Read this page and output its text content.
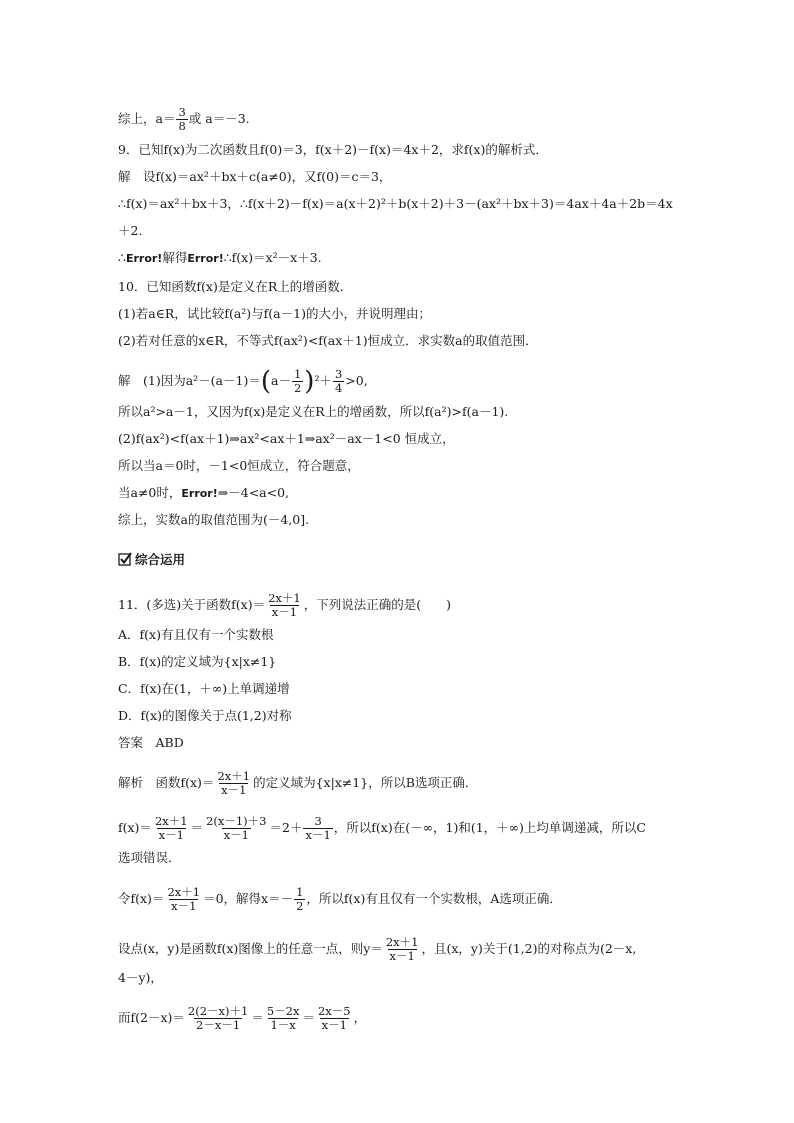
综上，$a= \frac{3}{8}$ 或 a＝－3.
9．已知f(x)为二次函数且f(0)＝3，f(x＋2)－f(x)＝4x＋2，求f(x)的解析式．
解　设f(x)＝ax²＋bx＋c(a≠0)，又f(0)＝c＝3，
∴f(x)＝ax²＋bx＋3，∴f(x＋2)－f(x)＝a(x＋2)²＋b(x＋2)＋3－(ax²＋bx＋3)＝4ax＋4a＋2b＝4x
＋2.
∴Error!解得Error!∴f(x)＝x²－x＋3.
10．已知函数f(x)是定义在R上的增函数．
(1)若a∈R，试比较f(a²)与f(a－1)的大小，并说明理由；
(2)若对任意的x∈R，不等式f(ax²)<f(ax＋1)恒成立．求实数a的取值范围．
解　(1)因为$a^2-(a-1)=(a- \frac{1}{2} )^2+ \frac{3}{4} >0$,
所以a²>a－1，又因为f(x)是定义在R上的增函数，所以f(a²)>f(a－1).
(2)f(ax²)<f(ax＋1)⇒ax²<ax＋1⇒ax²－ax－1<0 恒成立，
所以当a＝0时，－1<0恒成立，符合题意，
当a≠0时，Error!⇒－4<a<0,
综上，实数a的取值范围为(－4,0].
综合运用
11．(多选)关于函数$f(x)= \frac{2x+1}{x-1}$ ，下列说法正确的是(　　)
A．f(x)有且仅有一个实数根
B．f(x)的定义域为{x|x≠1}
C．f(x)在(1，＋∞)上单调递增
D．f(x)的图像关于点(1,2)对称
答案　ABD
解析　函数$f(x)= \frac{2x+1}{x-1}$ 的定义域为{x|x≠1}，所以B选项正确．
$f(x)= \frac{2x+1}{x-1} = \frac{2(x-1)+3}{x-1} =2+ \frac{3}{x-1}$ ，所以f(x)在(－∞，1)和(1，＋∞)上均单调递减，所以C
选项错误．
令$f(x)= \frac{2x+1}{x-1} =0$，解得$x=- \frac{1}{2}$ ，所以f(x)有且仅有一个实数根，A选项正确．
设点(x，y)是函数f(x)图像上的任意一点，则$y= \frac{2x+1}{x-1}$ ，且(x，y)关于(1,2)的对称点为(2－x,
4－y)，
而$f(2-x)= \frac{2(2-x)+1}{2-x-1} = \frac{5-2x}{1-x} = \frac{2x-5}{x-1}$ ，
